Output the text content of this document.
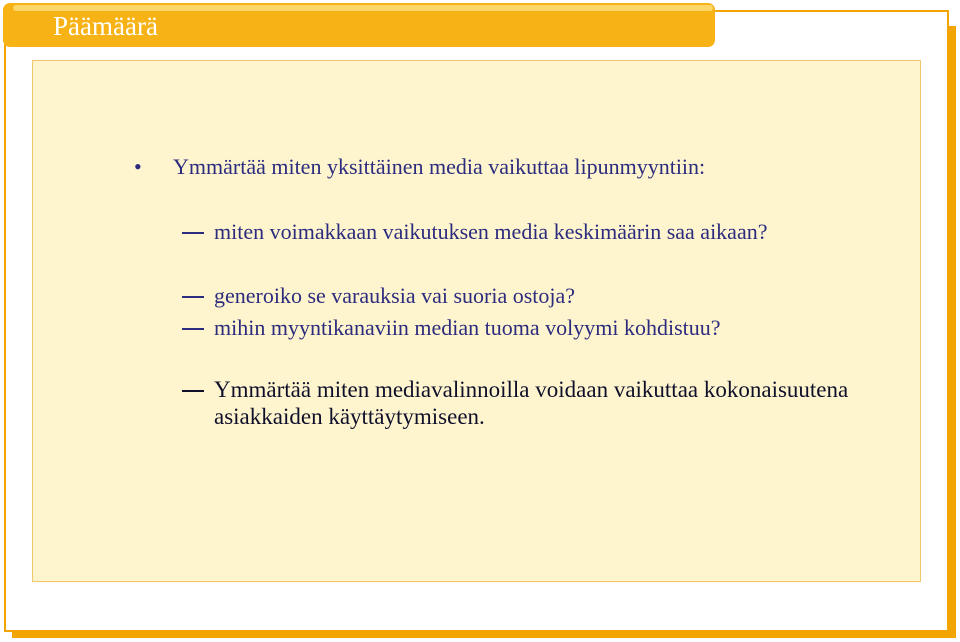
Päämäärä
• Ymmärtää miten yksittäinen media vaikuttaa lipunmyyntiin:
miten voimakkaan vaikutuksen media keskimäärin saa aikaan?
generoiko se varauksia vai suoria ostoja?
mihin myyntikanaviin median tuoma volyymi kohdistuu?
Ymmärtää miten mediavalinnoilla voidaan vaikuttaa kokonaisuutena asiakkaiden käyttäytymiseen.
